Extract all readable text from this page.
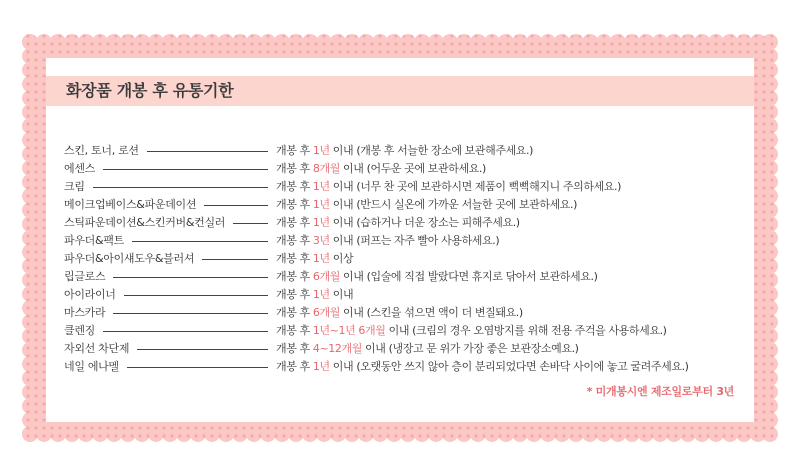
화장품 개봉 후 유통기한
스킨, 토너, 로션	개봉 후 1년 이내 (개봉 후 서늘한 장소에 보관해주세요.)
에센스	개봉 후 8개월 이내 (어두운 곳에 보관하세요.)
크림	개봉 후 1년 이내 (너무 찬 곳에 보관하시면 제품이 뻑뻑해지니 주의하세요.)
메이크업베이스&파운데이션	개봉 후 1년 이내 (반드시 실온에 가까운 서늘한 곳에 보관하세요.)
스틱파운데이션&스킨커버&컨실러	개봉 후 1년 이내 (습하거나 더운 장소는 피해주세요.)
파우더&팩트	개봉 후 3년 이내 (퍼프는 자주 빨아 사용하세요.)
파우더&아이섀도우&블러셔	개봉 후 1년 이상
립글로스	개봉 후 6개월 이내 (입술에 직접 발랐다면 휴지로 닦아서 보관하세요.)
아이라이너	개봉 후 1년 이내
마스카라	개봉 후 6개월 이내 (스킨을 섞으면 액이 더 변질돼요.)
클렌징	개봉 후 1년~1년 6개월 이내 (크림의 경우 오염방지를 위해 전용 주걱을 사용하세요.)
자외선 차단제	개봉 후 4~12개월 이내 (냉장고 문 위가 가장 좋은 보관장소예요.)
네일 에나멜	개봉 후 1년 이내 (오랫동안 쓰지 않아 층이 분리되었다면 손바닥 사이에 놓고 굴려주세요.)
* 미개봉시엔 제조일로부터 3년
